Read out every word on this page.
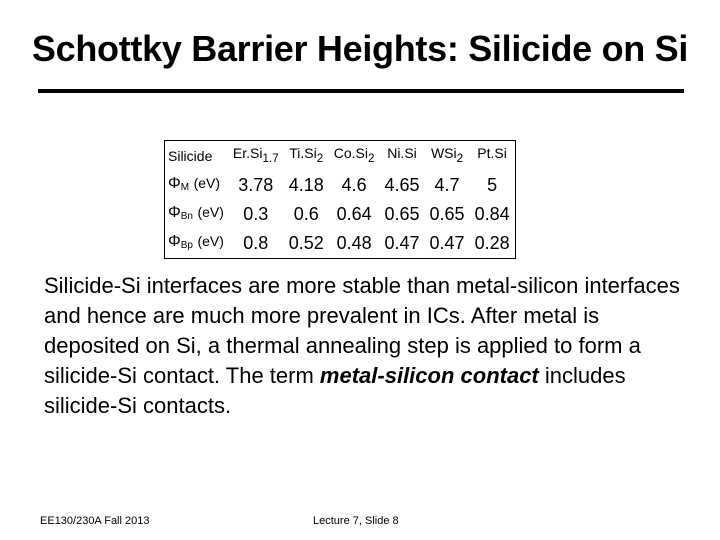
Schottky Barrier Heights: Silicide on Si
Silicide	$Er.Si_{1.7}$	$Ti.Si_2$	$Co.Si_2$	Ni.Si	WSi$_2$	Pt.Si
$\Phi_M$ (eV)	3.78	4.18	4.6	4.65	4.7	5
$\Phi_{Bn}$ (eV)	0.3	0.6	0.64	0.65	0.65	0.84
$\Phi_{Bp}$ (eV)	0.8	0.52	0.48	0.47	0.47	0.28
Silicide-Si interfaces are more stable than metal-silicon interfaces and hence are much more prevalent in ICs. After metal is deposited on Si, a thermal annealing step is applied to form a silicide-Si contact. The term metal-silicon contact includes silicide-Si contacts.
EE130/230A Fall 2013	Lecture 7, Slide 8
